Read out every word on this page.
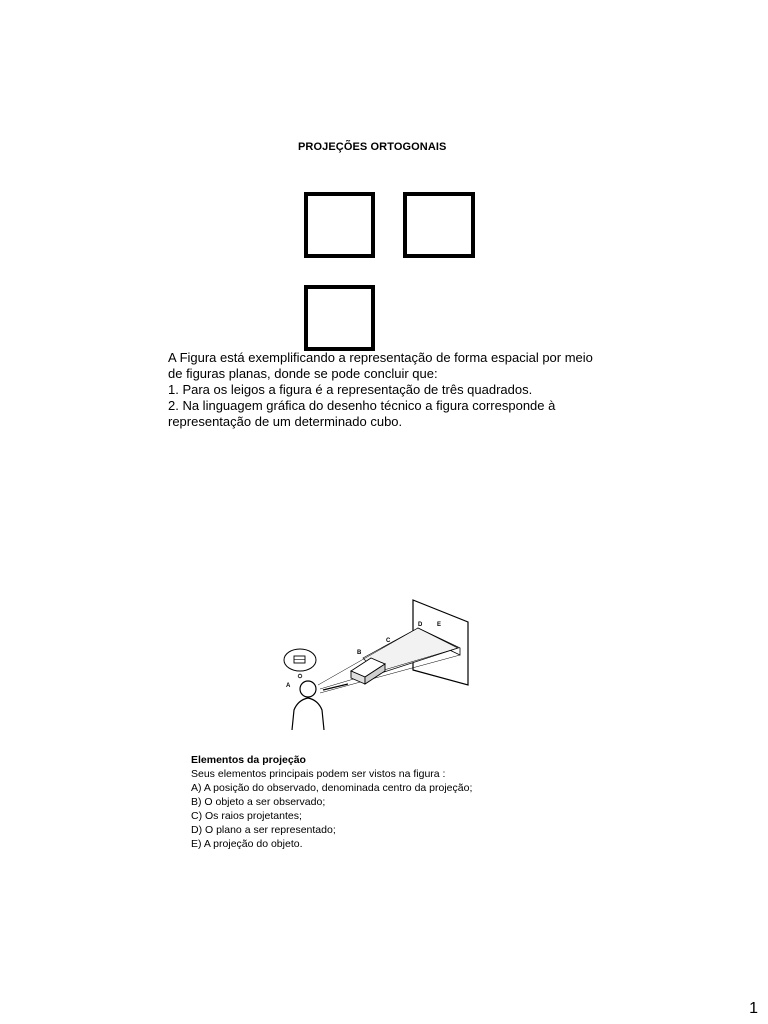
PROJEÇÕES ORTOGONAIS

A Figura está exemplificando a representação de forma espacial por meio

de figuras planas, donde se pode concluir que:

1. Para os leigos a figura é a representação de três quadrados.

2. Na linguagem gráfica do desenho técnico a figura corresponde à

representação de um determinado cubo.

A
B
C
D E

Elementos da projeção

Seus elementos principais podem ser vistos na figura :

A) A posição do observado, denominada centro da projeção;

B) O objeto a ser observado;

C) Os raios projetantes;

D) O plano a ser representado;

E) A projeção do objeto.

1
